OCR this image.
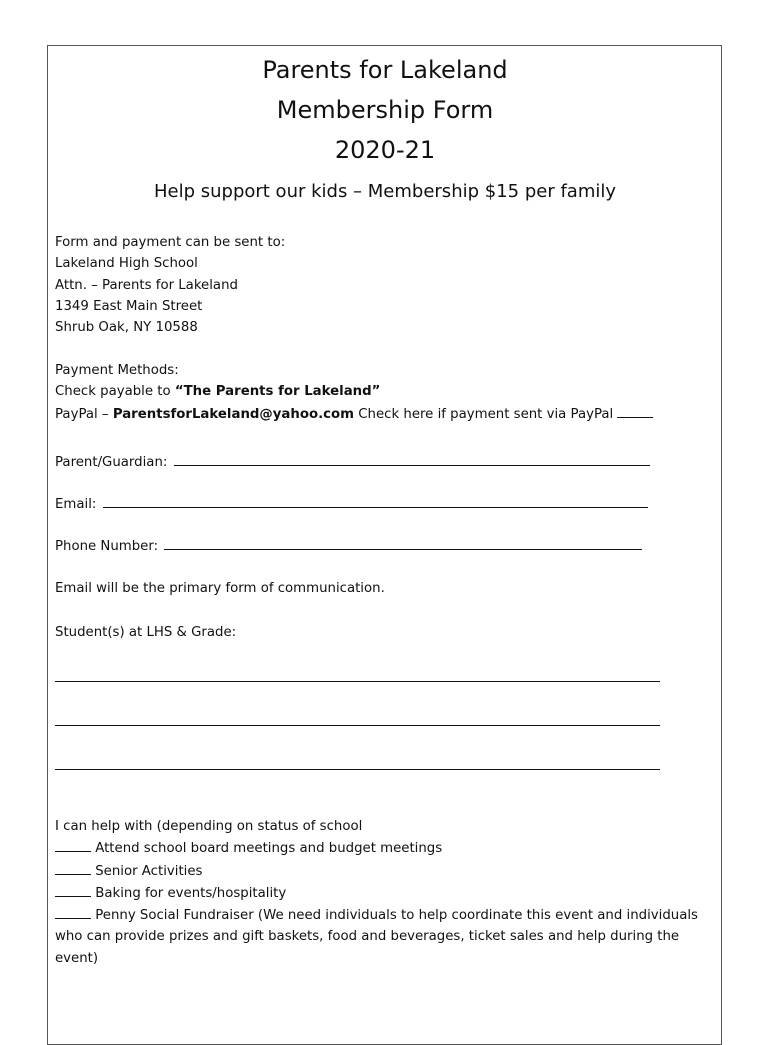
Parents for Lakeland
Membership Form
2020-21
Help support our kids – Membership $15 per family
Form and payment can be sent to:
Lakeland High School
Attn. – Parents for Lakeland
1349 East Main Street
Shrub Oak, NY 10588
Payment Methods:
Check payable to “The Parents for Lakeland”
PayPal – ParentsforLakeland@yahoo.com Check here if payment sent via PayPal
Parent/Guardian:
Email:
Phone Number:
Email will be the primary form of communication.
Student(s) at LHS & Grade:
I can help with (depending on status of school
Attend school board meetings and budget meetings
Senior Activities
Baking for events/hospitality
Penny Social Fundraiser (We need individuals to help coordinate this event and individuals who can provide prizes and gift baskets, food and beverages, ticket sales and help during the event)
